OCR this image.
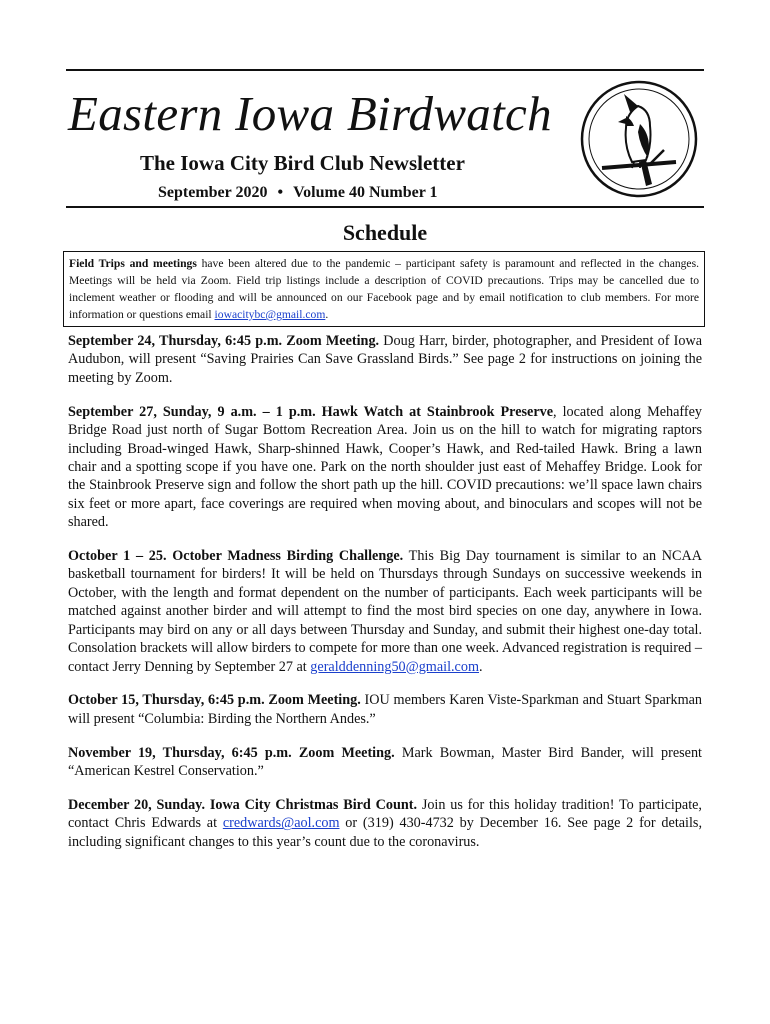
Eastern Iowa Birdwatch
The Iowa City Bird Club Newsletter
September 2020 • Volume 40 Number 1
Schedule
Field Trips and meetings have been altered due to the pandemic – participant safety is paramount and reflected in the changes. Meetings will be held via Zoom. Field trip listings include a description of COVID precautions. Trips may be cancelled due to inclement weather or flooding and will be announced on our Facebook page and by email notification to club members. For more information or questions email iowacitybc@gmail.com.

September 24, Thursday, 6:45 p.m. Zoom Meeting. Doug Harr, birder, photographer, and President of Iowa Audubon, will present “Saving Prairies Can Save Grassland Birds.” See page 2 for instructions on joining the meeting by Zoom.

September 27, Sunday, 9 a.m. – 1 p.m. Hawk Watch at Stainbrook Preserve, located along Mehaffey Bridge Road just north of Sugar Bottom Recreation Area. Join us on the hill to watch for migrating raptors including Broad-winged Hawk, Sharp-shinned Hawk, Cooper’s Hawk, and Red-tailed Hawk. Bring a lawn chair and a spotting scope if you have one. Park on the north shoulder just east of Mehaffey Bridge. Look for the Stainbrook Preserve sign and follow the short path up the hill. COVID precautions: we’ll space lawn chairs six feet or more apart, face coverings are required when moving about, and binoculars and scopes will not be shared.

October 1 – 25. October Madness Birding Challenge. This Big Day tournament is similar to an NCAA basketball tournament for birders! It will be held on Thursdays through Sundays on successive weekends in October, with the length and format dependent on the number of participants. Each week participants will be matched against another birder and will attempt to find the most bird species on one day, anywhere in Iowa. Participants may bird on any or all days between Thursday and Sunday, and submit their highest one-day total. Consolation brackets will allow birders to compete for more than one week. Advanced registration is required – contact Jerry Denning by September 27 at geralddenning50@gmail.com.

October 15, Thursday, 6:45 p.m. Zoom Meeting. IOU members Karen Viste-Sparkman and Stuart Sparkman will present “Columbia: Birding the Northern Andes.”

November 19, Thursday, 6:45 p.m. Zoom Meeting. Mark Bowman, Master Bird Bander, will present “American Kestrel Conservation.”

December 20, Sunday. Iowa City Christmas Bird Count. Join us for this holiday tradition! To participate, contact Chris Edwards at credwards@aol.com or (319) 430-4732 by December 16. See page 2 for details, including significant changes to this year’s count due to the coronavirus.
